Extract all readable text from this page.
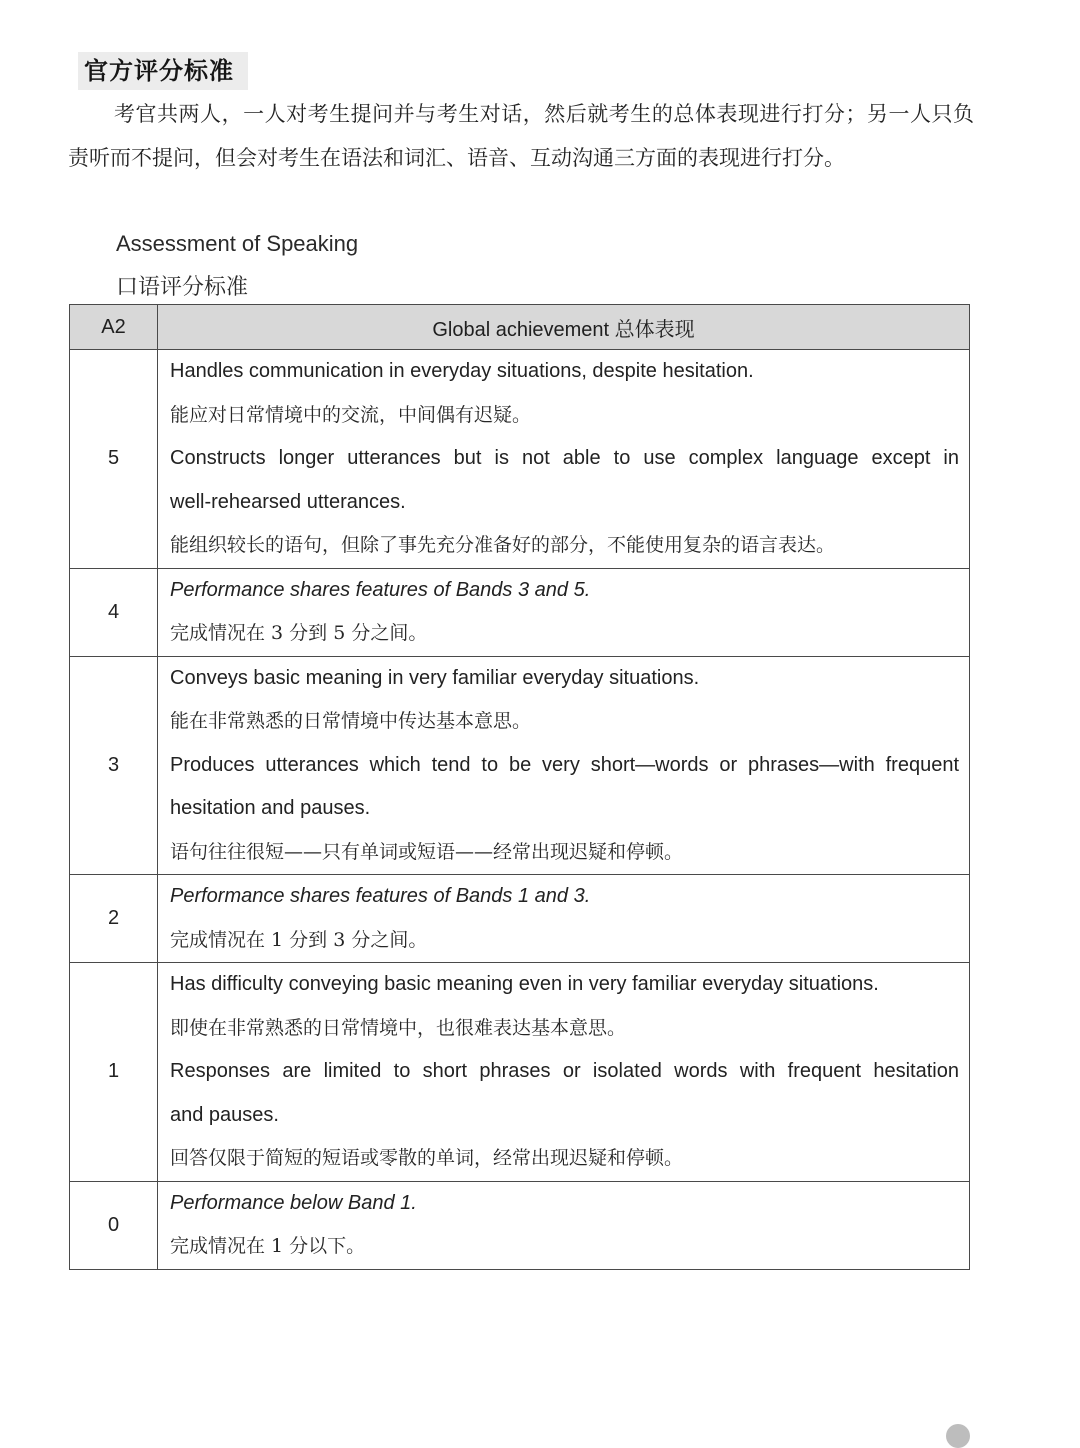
官方评分标准

考官共两人，一人对考生提问并与考生对话，然后就考生的总体表现进行打分；另一人只负责听而不提问，但会对考生在语法和词汇、语音、互动沟通三方面的表现进行打分。

Assessment of Speaking
口语评分标准
A2	Global achievement 总体表现
5	Handles communication in everyday situations, despite hesitation.
能应对日常情境中的交流，中间偶有迟疑。
Constructs longer utterances but is not able to use complex language except in
well-rehearsed utterances.
能组织较长的语句，但除了事先充分准备好的部分，不能使用复杂的语言表达。

4	Performance shares features of Bands 3 and 5.
完成情况在 3 分到 5 分之间。

3	Conveys basic meaning in very familiar everyday situations.
能在非常熟悉的日常情境中传达基本意思。
Produces utterances which tend to be very short—words or phrases—with frequent
hesitation and pauses.
语句往往很短——只有单词或短语——经常出现迟疑和停顿。

2	Performance shares features of Bands 1 and 3.
完成情况在 1 分到 3 分之间。

1	Has difficulty conveying basic meaning even in very familiar everyday situations.
即使在非常熟悉的日常情境中，也很难表达基本意思。
Responses are limited to short phrases or isolated words with frequent hesitation
and pauses.
回答仅限于简短的短语或零散的单词，经常出现迟疑和停顿。

0	Performance below Band 1.
完成情况在 1 分以下。
